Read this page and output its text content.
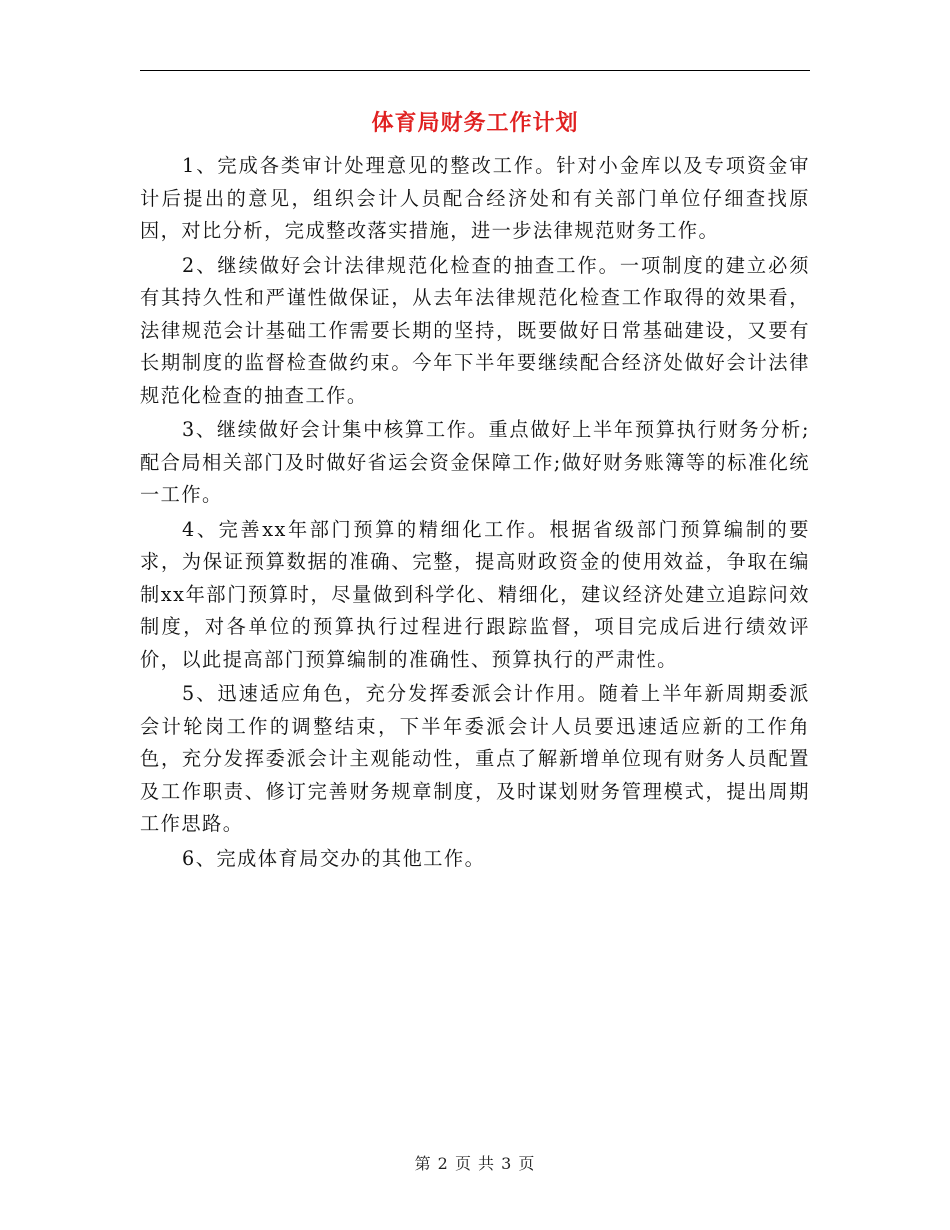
体育局财务工作计划

1、完成各类审计处理意见的整改工作。针对小金库以及专项资金审计后提出的意见，组织会计人员配合经济处和有关部门单位仔细查找原因，对比分析，完成整改落实措施，进一步法律规范财务工作。

2、继续做好会计法律规范化检查的抽查工作。一项制度的建立必须有其持久性和严谨性做保证，从去年法律规范化检查工作取得的效果看，法律规范会计基础工作需要长期的坚持，既要做好日常基础建设，又要有长期制度的监督检查做约束。今年下半年要继续配合经济处做好会计法律规范化检查的抽查工作。

3、继续做好会计集中核算工作。重点做好上半年预算执行财务分析;配合局相关部门及时做好省运会资金保障工作;做好财务账簿等的标准化统一工作。

4、完善xx年部门预算的精细化工作。根据省级部门预算编制的要求，为保证预算数据的准确、完整，提高财政资金的使用效益，争取在编制xx年部门预算时，尽量做到科学化、精细化，建议经济处建立追踪问效制度，对各单位的预算执行过程进行跟踪监督，项目完成后进行绩效评价，以此提高部门预算编制的准确性、预算执行的严肃性。

5、迅速适应角色，充分发挥委派会计作用。随着上半年新周期委派会计轮岗工作的调整结束，下半年委派会计人员要迅速适应新的工作角色，充分发挥委派会计主观能动性，重点了解新增单位现有财务人员配置及工作职责、修订完善财务规章制度，及时谋划财务管理模式，提出周期工作思路。

6、完成体育局交办的其他工作。

第 2 页 共 3 页
